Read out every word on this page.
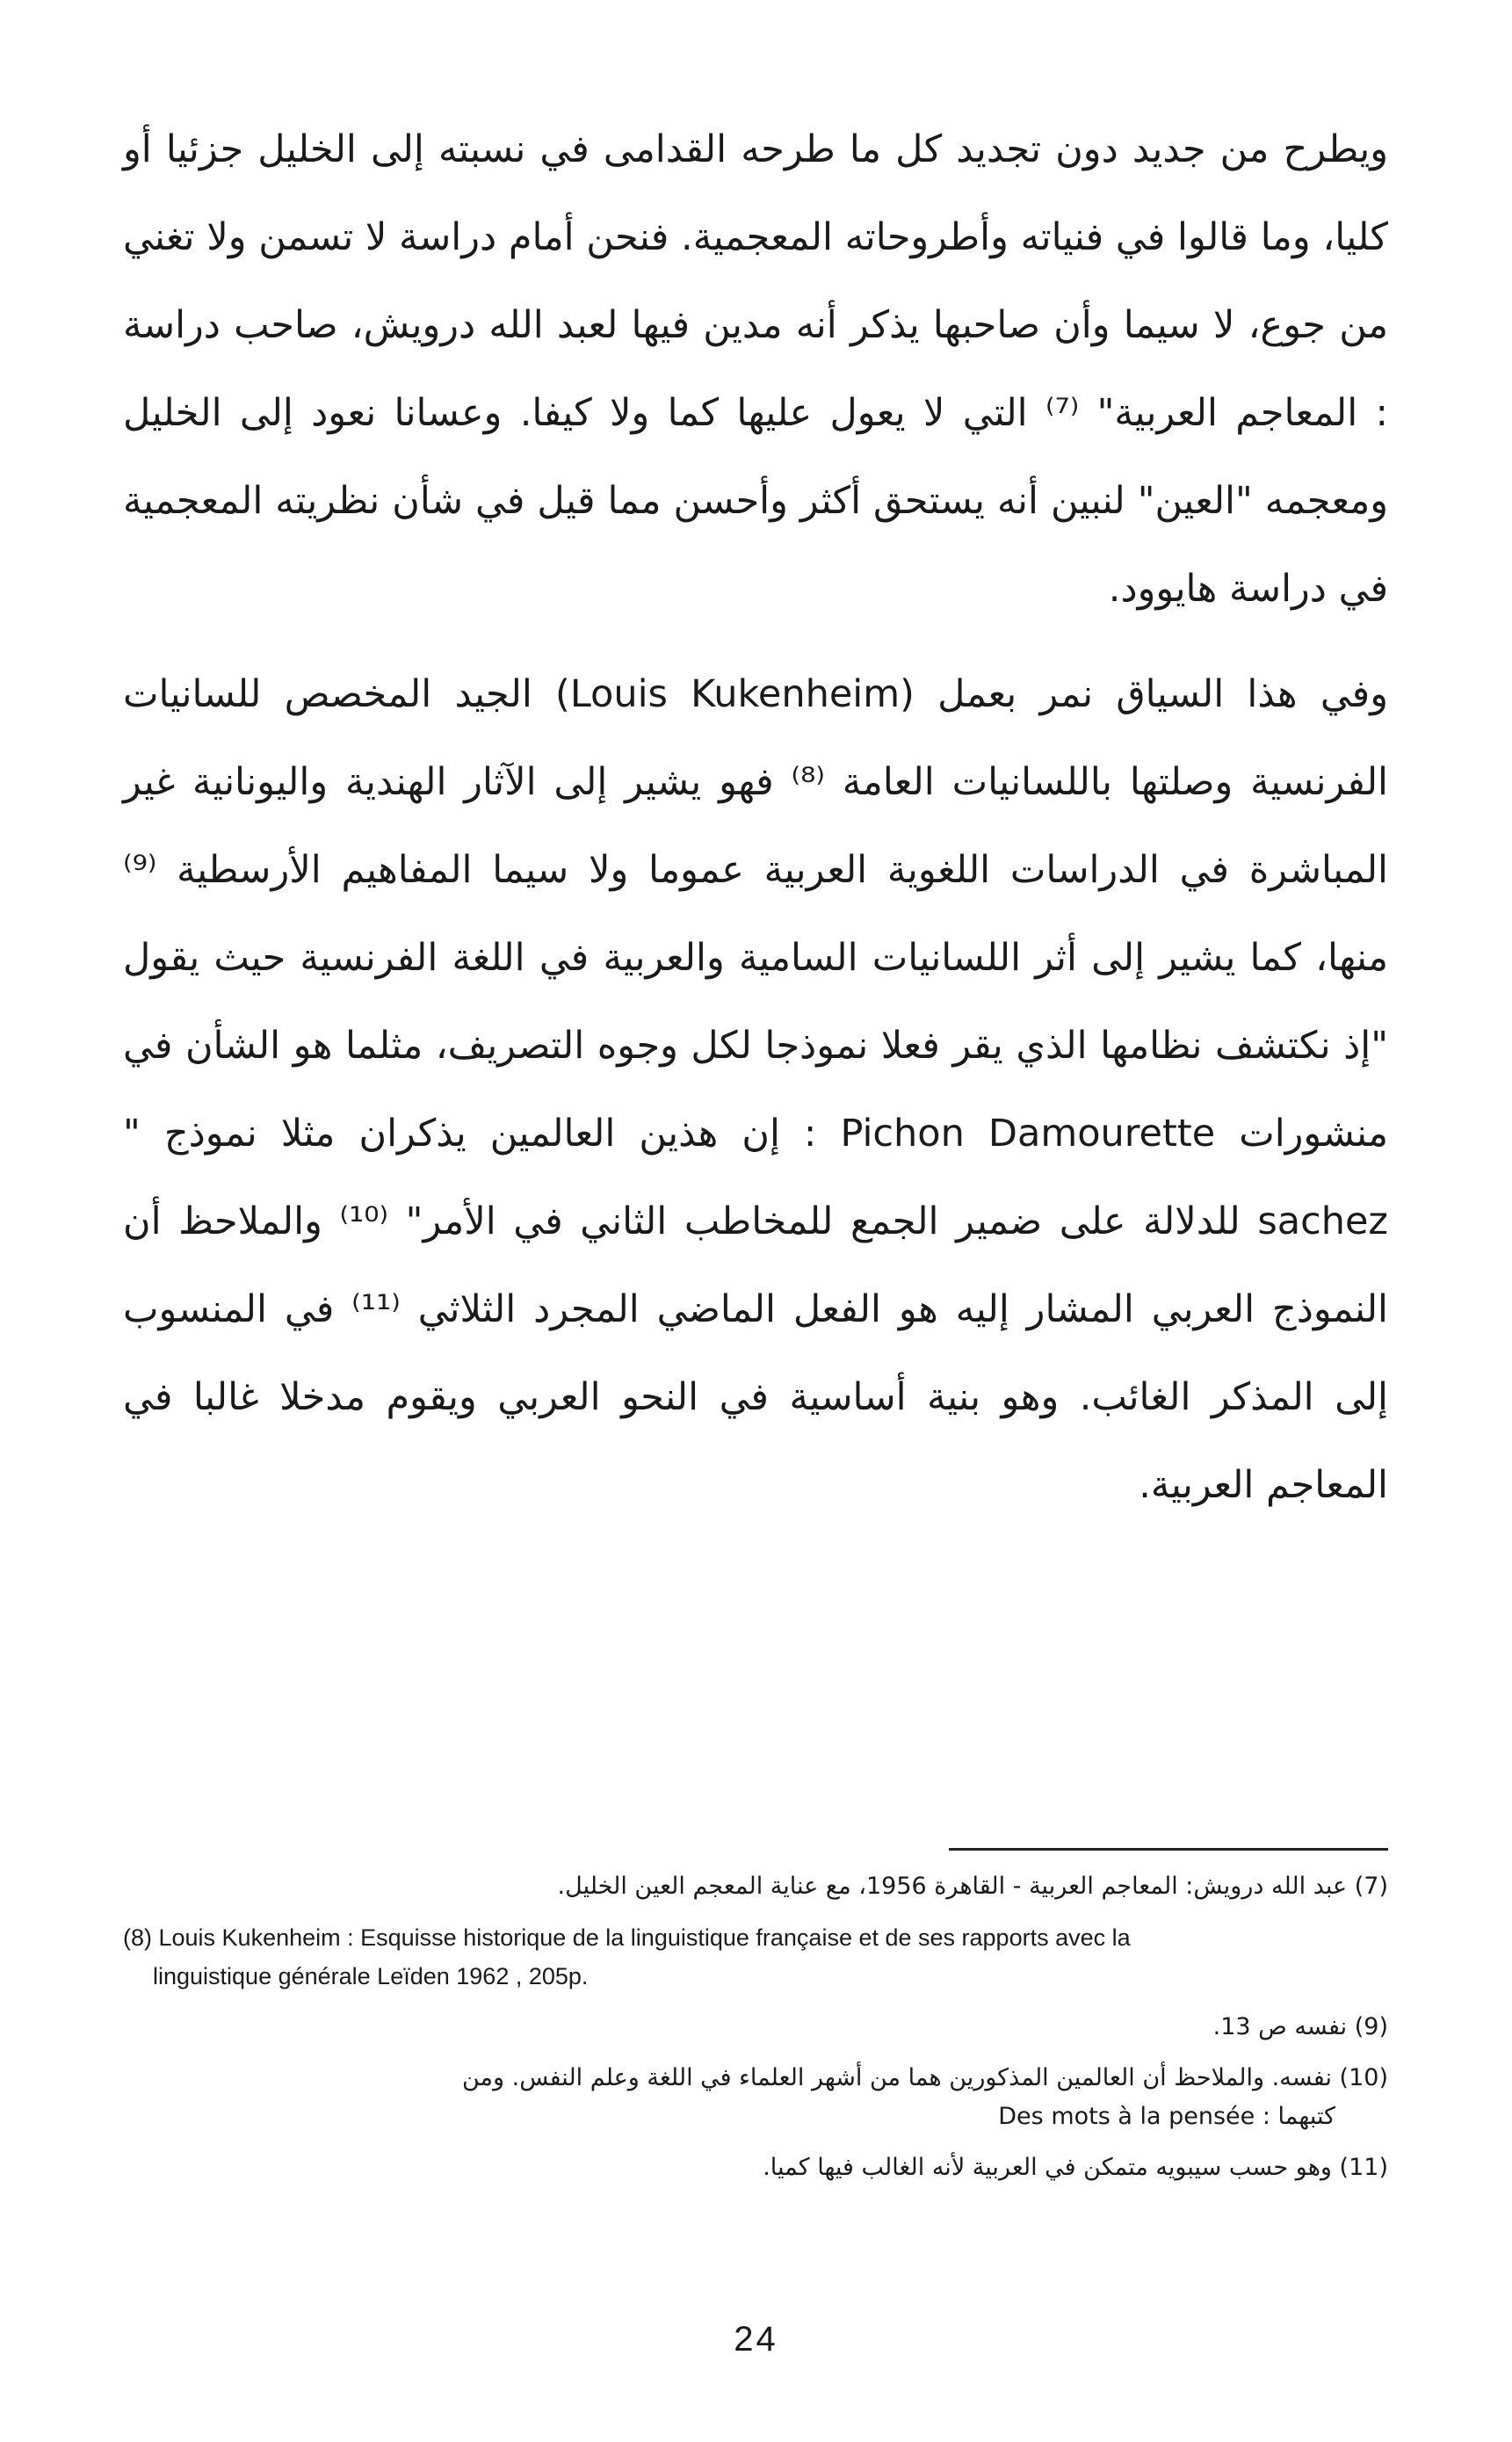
ويطرح من جديد دون تجديد كل ما طرحه القدامى في نسبته إلى الخليل جزئيا أو كليا، وما قالوا في فنياته وأطروحاته المعجمية. فنحن أمام دراسة لا تسمن ولا تغني من جوع، لا سيما وأن صاحبها يذكر أنه مدين فيها لعبد الله درويش، صاحب دراسة : المعاجم العربية" ⁽⁷⁾ التي لا يعول عليها كما ولا كيفا. وعسانا نعود إلى الخليل ومعجمه "العين" لنبين أنه يستحق أكثر وأحسن مما قيل في شأن نظريته المعجمية في دراسة هايوود.

وفي هذا السياق نمر بعمل (Louis Kukenheim) الجيد المخصص للسانيات الفرنسية وصلتها باللسانيات العامة ⁽⁸⁾ فهو يشير إلى الآثار الهندية واليونانية غير المباشرة في الدراسات اللغوية العربية عموما ولا سيما المفاهيم الأرسطية ⁽⁹⁾ منها، كما يشير إلى أثر اللسانيات السامية والعربية في اللغة الفرنسية حيث يقول "إذ نكتشف نظامها الذي يقر فعلا نموذجا لكل وجوه التصريف، مثلما هو الشأن في منشورات Pichon Damourette : إن هذين العالمين يذكران مثلا نموذج " sachez للدلالة على ضمير الجمع للمخاطب الثاني في الأمر" ⁽¹⁰⁾ والملاحظ أن النموذج العربي المشار إليه هو الفعل الماضي المجرد الثلاثي ⁽¹¹⁾ في المنسوب إلى المذكر الغائب. وهو بنية أساسية في النحو العربي ويقوم مدخلا غالبا في المعاجم العربية.

(7) عبد الله درويش: المعاجم العربية - القاهرة 1956، مع عناية المعجم العين الخليل.

(8) Louis Kukenheim : Esquisse historique de la linguistique française et de ses rapports avec la
linguistique générale Leïden 1962 , 205p.

(9) نفسه ص 13.

(10) نفسه. والملاحظ أن العالمين المذكورين هما من أشهر العلماء في اللغة وعلم النفس. ومن
كتبهما : Des mots à la pensée

(11) وهو حسب سيبويه متمكن في العربية لأنه الغالب فيها كميا.

24
